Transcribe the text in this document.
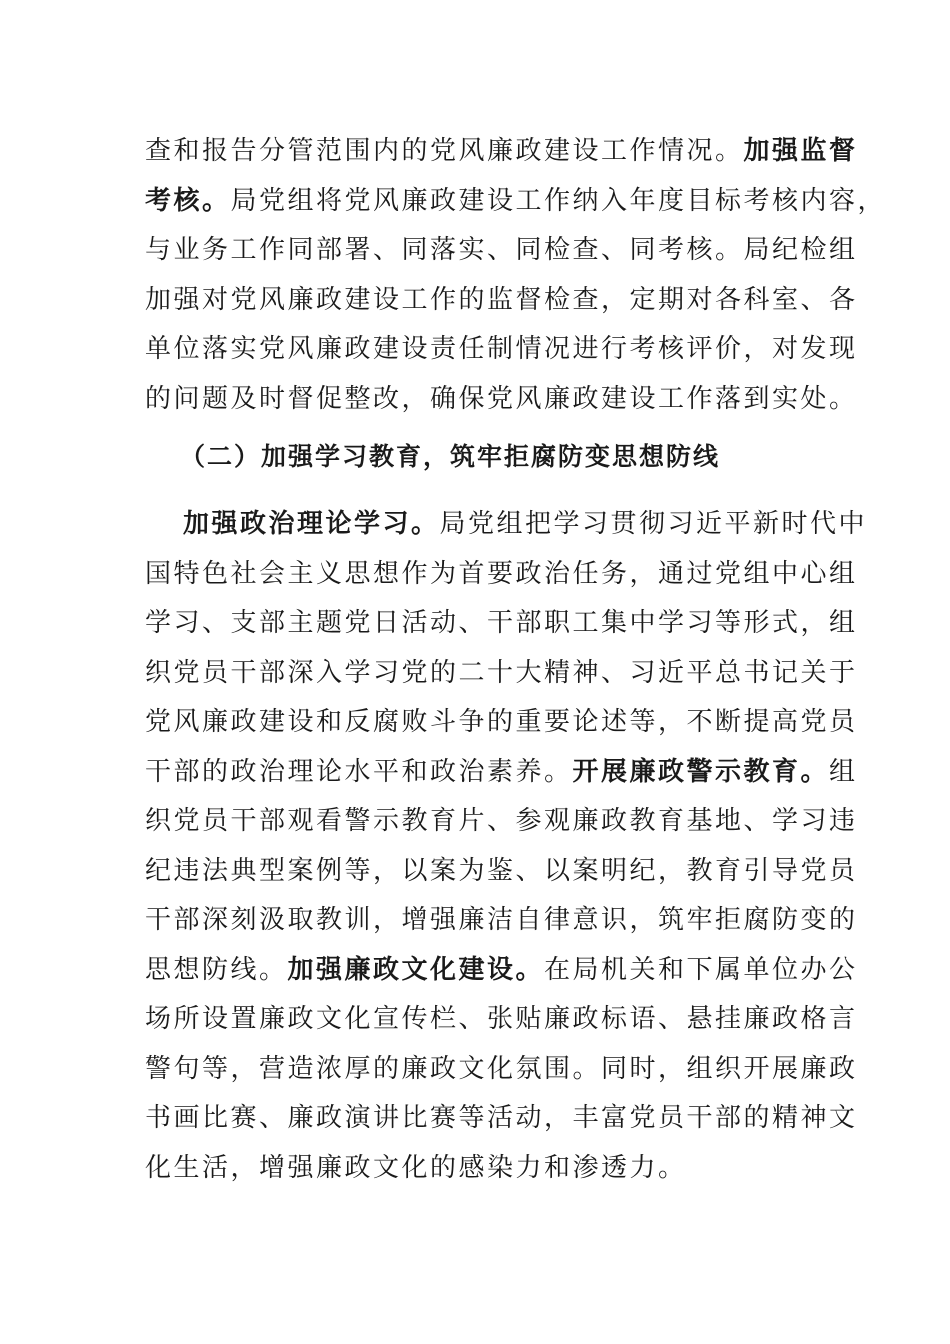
查和报告分管范围内的党风廉政建设工作情况。加强监督
考核。局党组将党风廉政建设工作纳入年度目标考核内容，
与业务工作同部署、同落实、同检查、同考核。局纪检组
加强对党风廉政建设工作的监督检查，定期对各科室、各
单位落实党风廉政建设责任制情况进行考核评价，对发现
的问题及时督促整改，确保党风廉政建设工作落到实处。
（二）加强学习教育，筑牢拒腐防变思想防线
加强政治理论学习。局党组把学习贯彻习近平新时代中
国特色社会主义思想作为首要政治任务，通过党组中心组
学习、支部主题党日活动、干部职工集中学习等形式，组
织党员干部深入学习党的二十大精神、习近平总书记关于
党风廉政建设和反腐败斗争的重要论述等，不断提高党员
干部的政治理论水平和政治素养。开展廉政警示教育。组
织党员干部观看警示教育片、参观廉政教育基地、学习违
纪违法典型案例等，以案为鉴、以案明纪，教育引导党员
干部深刻汲取教训，增强廉洁自律意识，筑牢拒腐防变的
思想防线。加强廉政文化建设。在局机关和下属单位办公
场所设置廉政文化宣传栏、张贴廉政标语、悬挂廉政格言
警句等，营造浓厚的廉政文化氛围。同时，组织开展廉政
书画比赛、廉政演讲比赛等活动，丰富党员干部的精神文
化生活，增强廉政文化的感染力和渗透力。
